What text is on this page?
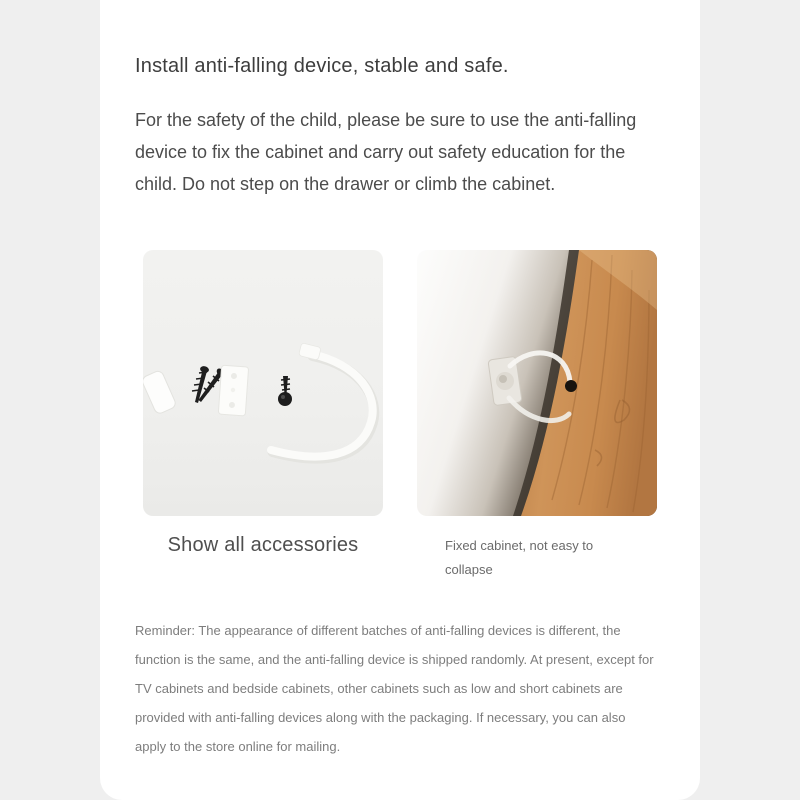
Install anti-falling device, stable and safe.
For the safety of the child, please be sure to use the anti-falling device to fix the cabinet and carry out safety education for the child. Do not step on the drawer or climb the cabinet.
Show all accessories	Fixed cabinet, not easy to collapse
Reminder: The appearance of different batches of anti-falling devices is different, the function is the same, and the anti-falling device is shipped randomly. At present, except for TV cabinets and bedside cabinets, other cabinets such as low and short cabinets are provided with anti-falling devices along with the packaging. If necessary, you can also apply to the store online for mailing.
